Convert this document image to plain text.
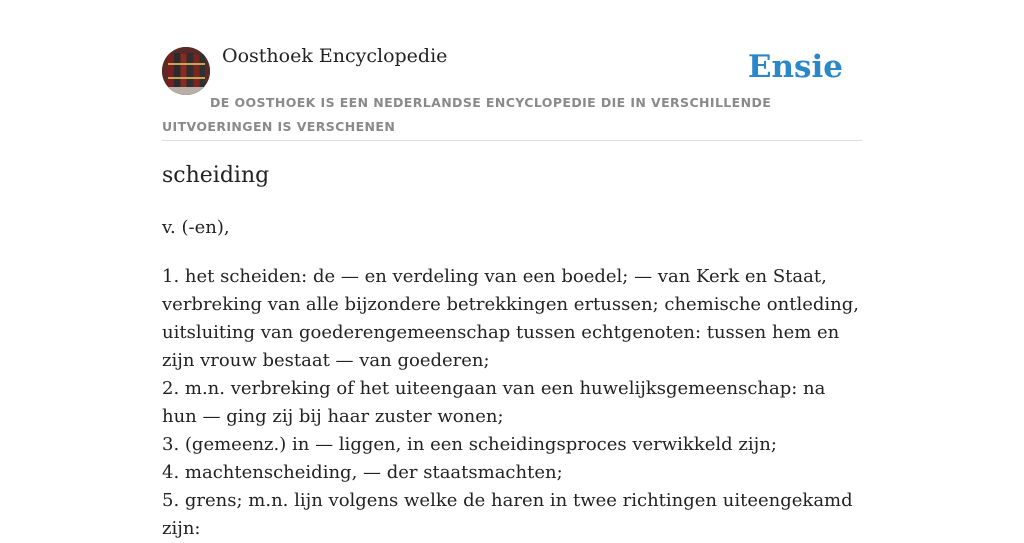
Oosthoek Encyclopedie	Ensie
DE OOSTHOEK IS EEN NEDERLANDSE ENCYCLOPEDIE DIE IN VERSCHILLENDE UITVOERINGEN IS VERSCHENEN
scheiding

v. (-en),

1. het scheiden: de — en verdeling van een boedel; — van Kerk en Staat, verbreking van alle bijzondere betrekkingen ertussen; chemische ontleding, uitsluiting van goederengemeenschap tussen echtgenoten: tussen hem en zijn vrouw bestaat — van goederen;
2. m.n. verbreking of het uiteengaan van een huwelijksgemeenschap: na hun — ging zij bij haar zuster wonen;
3. (gemeenz.) in — liggen, in een scheidingsproces verwikkeld zijn;
4. machtenscheiding, — der staatsmachten;
5. grens; m.n. lijn volgens welke de haren in twee richtingen uiteengekamd zijn:
